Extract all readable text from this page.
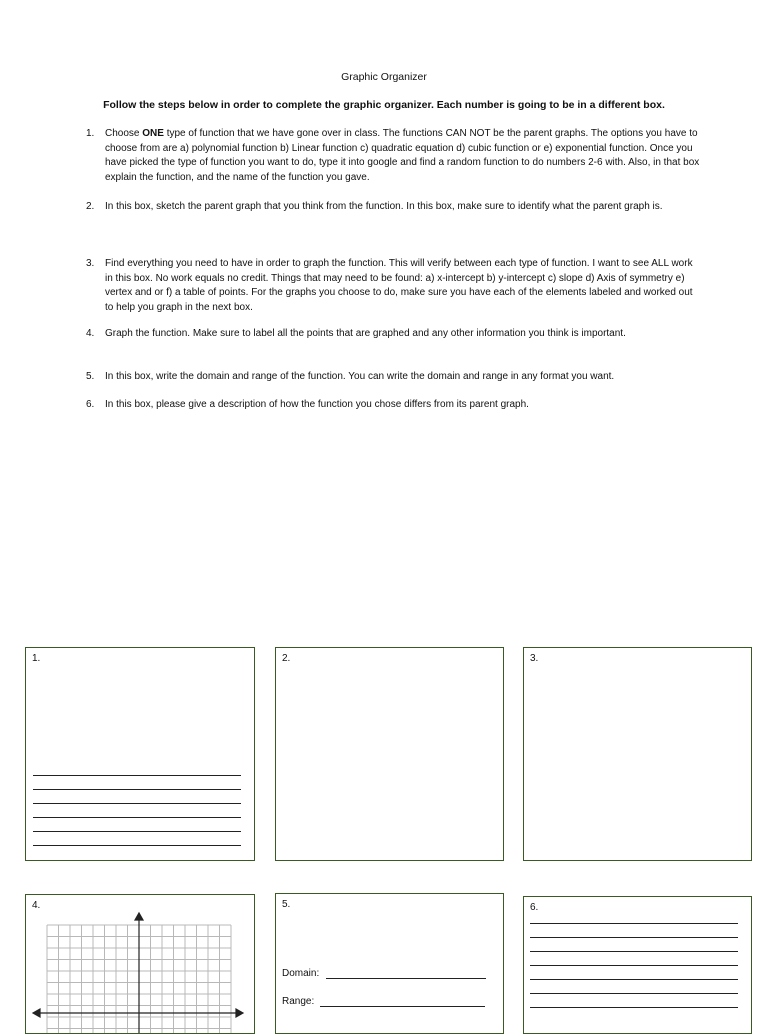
Graphic Organizer
Follow the steps below in order to complete the graphic organizer. Each number is going to be in a different box.
1.	Choose ONE type of function that we have gone over in class. The functions CAN NOT be the parent graphs. The options you have to choose from are a) polynomial function b) Linear function c) quadratic equation d) cubic function or e) exponential function. Once you have picked the type of function you want to do, type it into google and find a random function to do numbers 2-6 with. Also, in that box explain the function, and the name of the function you gave.
2.	In this box, sketch the parent graph that you think from the function. In this box, make sure to identify what the parent graph is.
3.	Find everything you need to have in order to graph the function. This will verify between each type of function. I want to see ALL work in this box. No work equals no credit. Things that may need to be found: a) x-intercept b) y-intercept c) slope d) Axis of symmetry e) vertex and or f) a table of points. For the graphs you choose to do, make sure you have each of the elements labeled and worked out to help you graph in the next box.
4.	Graph the function. Make sure to label all the points that are graphed and any other information you think is important.
5.	In this box, write the domain and range of the function. You can write the domain and range in any format you want.
6.	In this box, please give a description of how the function you chose differs from its parent graph.
1.	2.	3.
4.	5.
Domain:
Range:
6.
